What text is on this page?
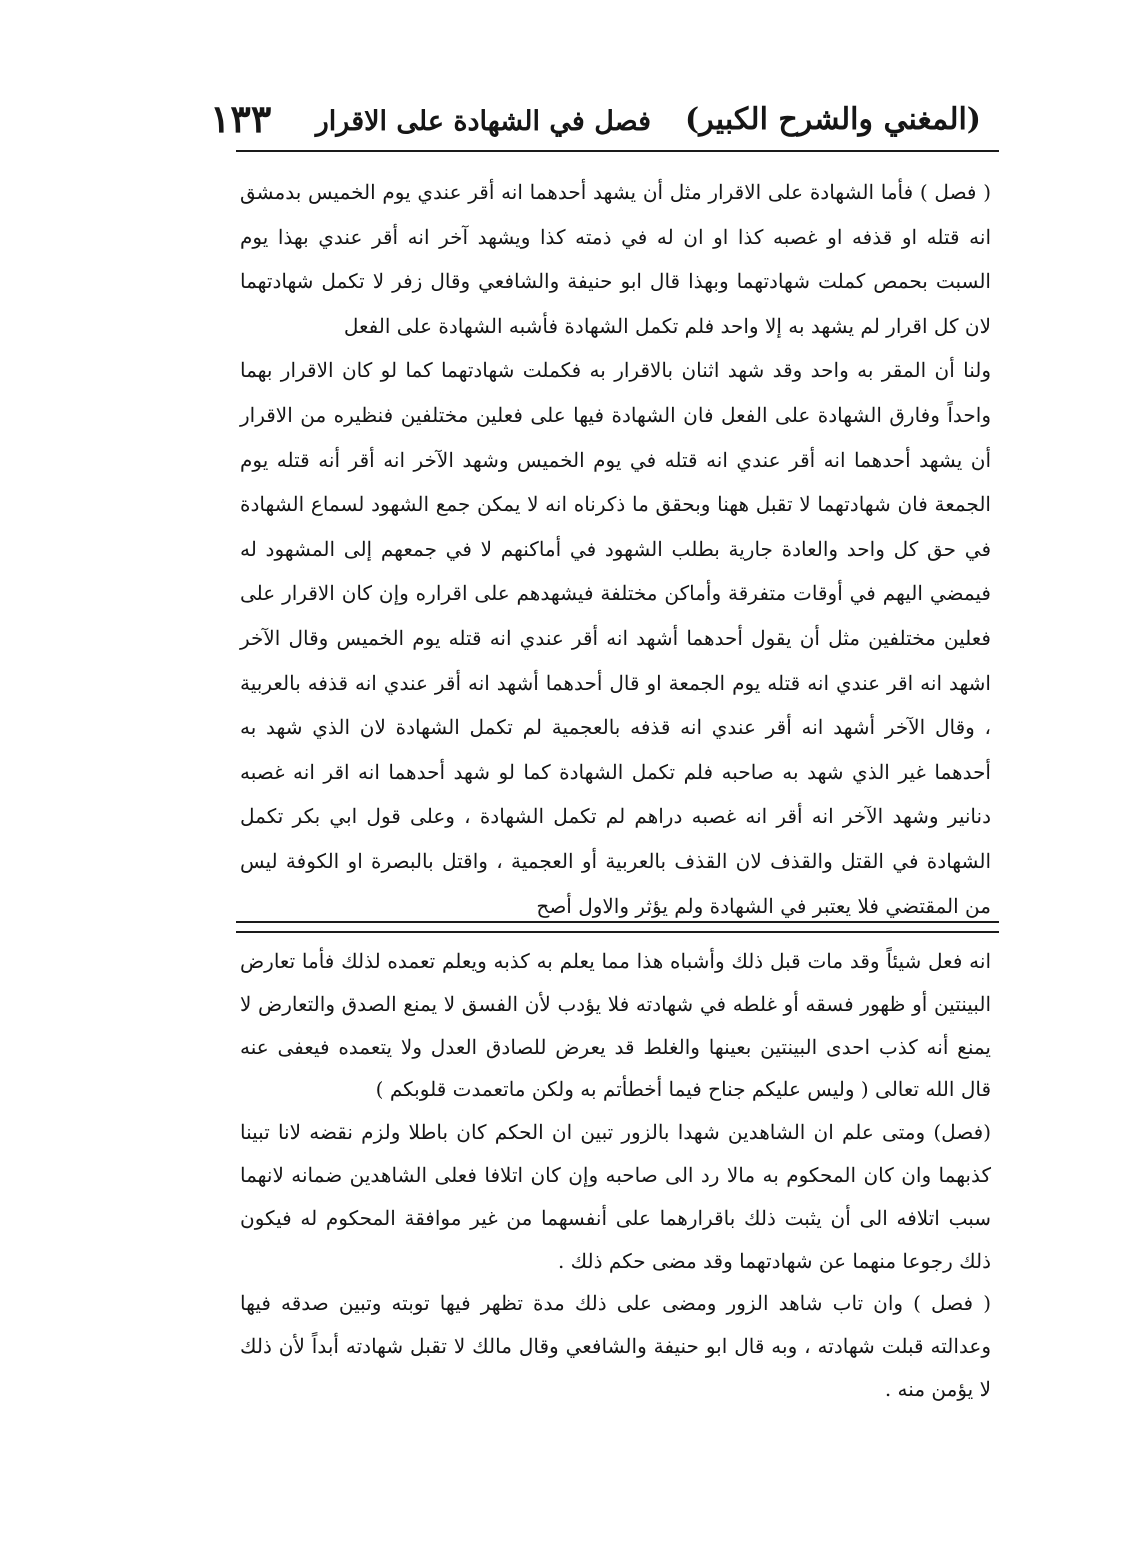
(المغني والشرح الكبير)
فصل في الشهادة على الاقرار
١٣٣

( فصل ) فأما الشهادة على الاقرار مثل أن يشهد أحدهما انه أقر عندي يوم الخميس بدمشق انه قتله او قذفه او غصبه كذا او ان له في ذمته كذا ويشهد آخر انه أقر عندي بهذا يوم السبت بحمص كملت شهادتهما وبهذا قال ابو حنيفة والشافعي وقال زفر لا تكمل شهادتهما لان كل اقرار لم يشهد به إلا واحد فلم تكمل الشهادة فأشبه الشهادة على الفعل

ولنا أن المقر به واحد وقد شهد اثنان بالاقرار به فكملت شهادتهما كما لو كان الاقرار بهما واحداً وفارق الشهادة على الفعل فان الشهادة فيها على فعلين مختلفين فنظيره من الاقرار أن يشهد أحدهما انه أقر عندي انه قتله في يوم الخميس وشهد الآخر انه أقر أنه قتله يوم الجمعة فان شهادتهما لا تقبل ههنا وبحقق ما ذكرناه انه لا يمكن جمع الشهود لسماع الشهادة في حق كل واحد والعادة جارية بطلب الشهود في أماكنهم لا في جمعهم إلى المشهود له فيمضي اليهم في أوقات متفرقة وأماكن مختلفة فيشهدهم على اقراره وإن كان الاقرار على فعلين مختلفين مثل أن يقول أحدهما أشهد انه أقر عندي انه قتله يوم الخميس وقال الآخر اشهد انه اقر عندي انه قتله يوم الجمعة او قال أحدهما أشهد انه أقر عندي انه قذفه بالعربية ، وقال الآخر أشهد انه أقر عندي انه قذفه بالعجمية لم تكمل الشهادة لان الذي شهد به أحدهما غير الذي شهد به صاحبه فلم تكمل الشهادة كما لو شهد أحدهما انه اقر انه غصبه دنانير وشهد الآخر انه أقر انه غصبه دراهم لم تكمل الشهادة ، وعلى قول ابي بكر تكمل الشهادة في القتل والقذف لان القذف بالعربية أو العجمية ، واقتل بالبصرة او الكوفة ليس من المقتضي فلا يعتبر في الشهادة ولم يؤثر والاول أصح

انه فعل شيئاً وقد مات قبل ذلك وأشباه هذا مما يعلم به كذبه ويعلم تعمده لذلك فأما تعارض البينتين أو ظهور فسقه أو غلطه في شهادته فلا يؤدب لأن الفسق لا يمنع الصدق والتعارض لا يمنع أنه كذب احدى البينتين بعينها والغلط قد يعرض للصادق العدل ولا يتعمده فيعفى عنه قال الله تعالى ( وليس عليكم جناح فيما أخطأتم به ولكن ماتعمدت قلوبكم )

(فصل) ومتى علم ان الشاهدين شهدا بالزور تبين ان الحكم كان باطلا ولزم نقضه لانا تبينا كذبهما وان كان المحكوم به مالا رد الى صاحبه وإن كان اتلافا فعلى الشاهدين ضمانه لانهما سبب اتلافه الى أن يثبت ذلك باقرارهما على أنفسهما من غير موافقة المحكوم له فيكون ذلك رجوعا منهما عن شهادتهما وقد مضى حكم ذلك .

( فصل ) وان تاب شاهد الزور ومضى على ذلك مدة تظهر فيها توبته وتبين صدقه فيها وعدالته قبلت شهادته ، وبه قال ابو حنيفة والشافعي وقال مالك لا تقبل شهادته أبداً لأن ذلك لا يؤمن منه .
